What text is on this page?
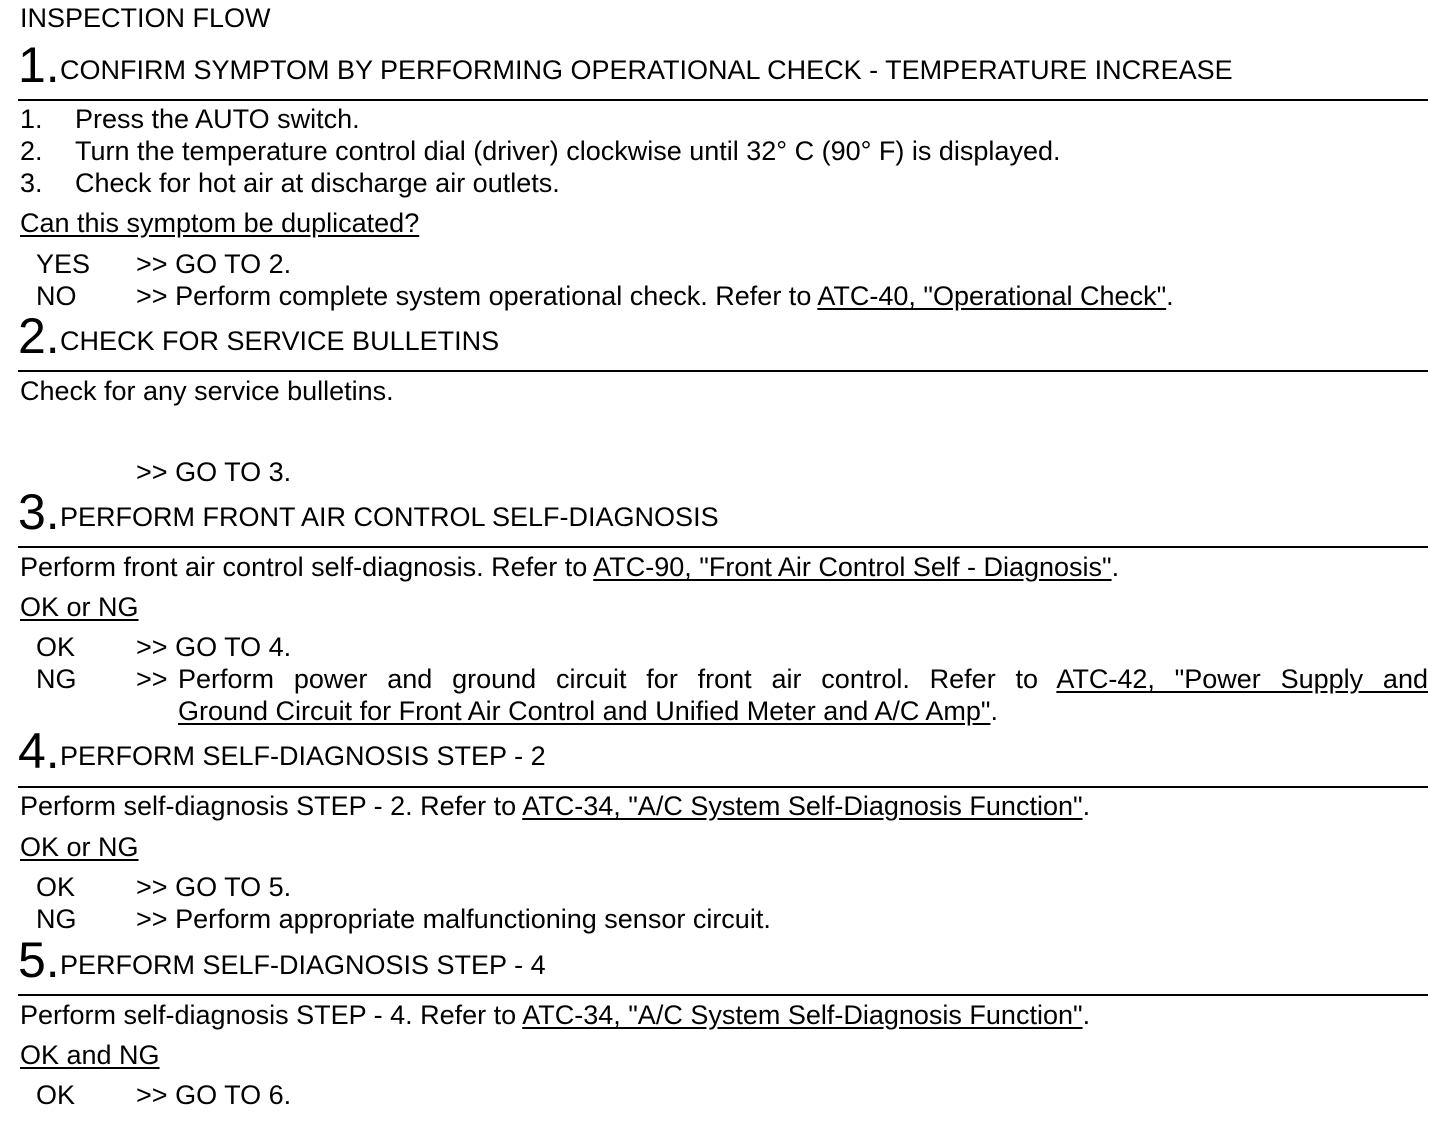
INSPECTION FLOW
1. CONFIRM SYMPTOM BY PERFORMING OPERATIONAL CHECK - TEMPERATURE INCREASE
1. Press the AUTO switch.
2. Turn the temperature control dial (driver) clockwise until 32° C (90° F) is displayed.
3. Check for hot air at discharge air outlets.
Can this symptom be duplicated?
YES >> GO TO 2.
NO >> Perform complete system operational check. Refer to ATC-40, "Operational Check".
2. CHECK FOR SERVICE BULLETINS
Check for any service bulletins.
>> GO TO 3.
3. PERFORM FRONT AIR CONTROL SELF-DIAGNOSIS
Perform front air control self-diagnosis. Refer to ATC-90, "Front Air Control Self - Diagnosis".
OK or NG
OK >> GO TO 4.
NG >> Perform power and ground circuit for front air control. Refer to ATC-42, "Power Supply and
Ground Circuit for Front Air Control and Unified Meter and A/C Amp".
4. PERFORM SELF-DIAGNOSIS STEP - 2
Perform self-diagnosis STEP - 2. Refer to ATC-34, "A/C System Self-Diagnosis Function".
OK or NG
OK >> GO TO 5.
NG >> Perform appropriate malfunctioning sensor circuit.
5. PERFORM SELF-DIAGNOSIS STEP - 4
Perform self-diagnosis STEP - 4. Refer to ATC-34, "A/C System Self-Diagnosis Function".
OK and NG
OK >> GO TO 6.
